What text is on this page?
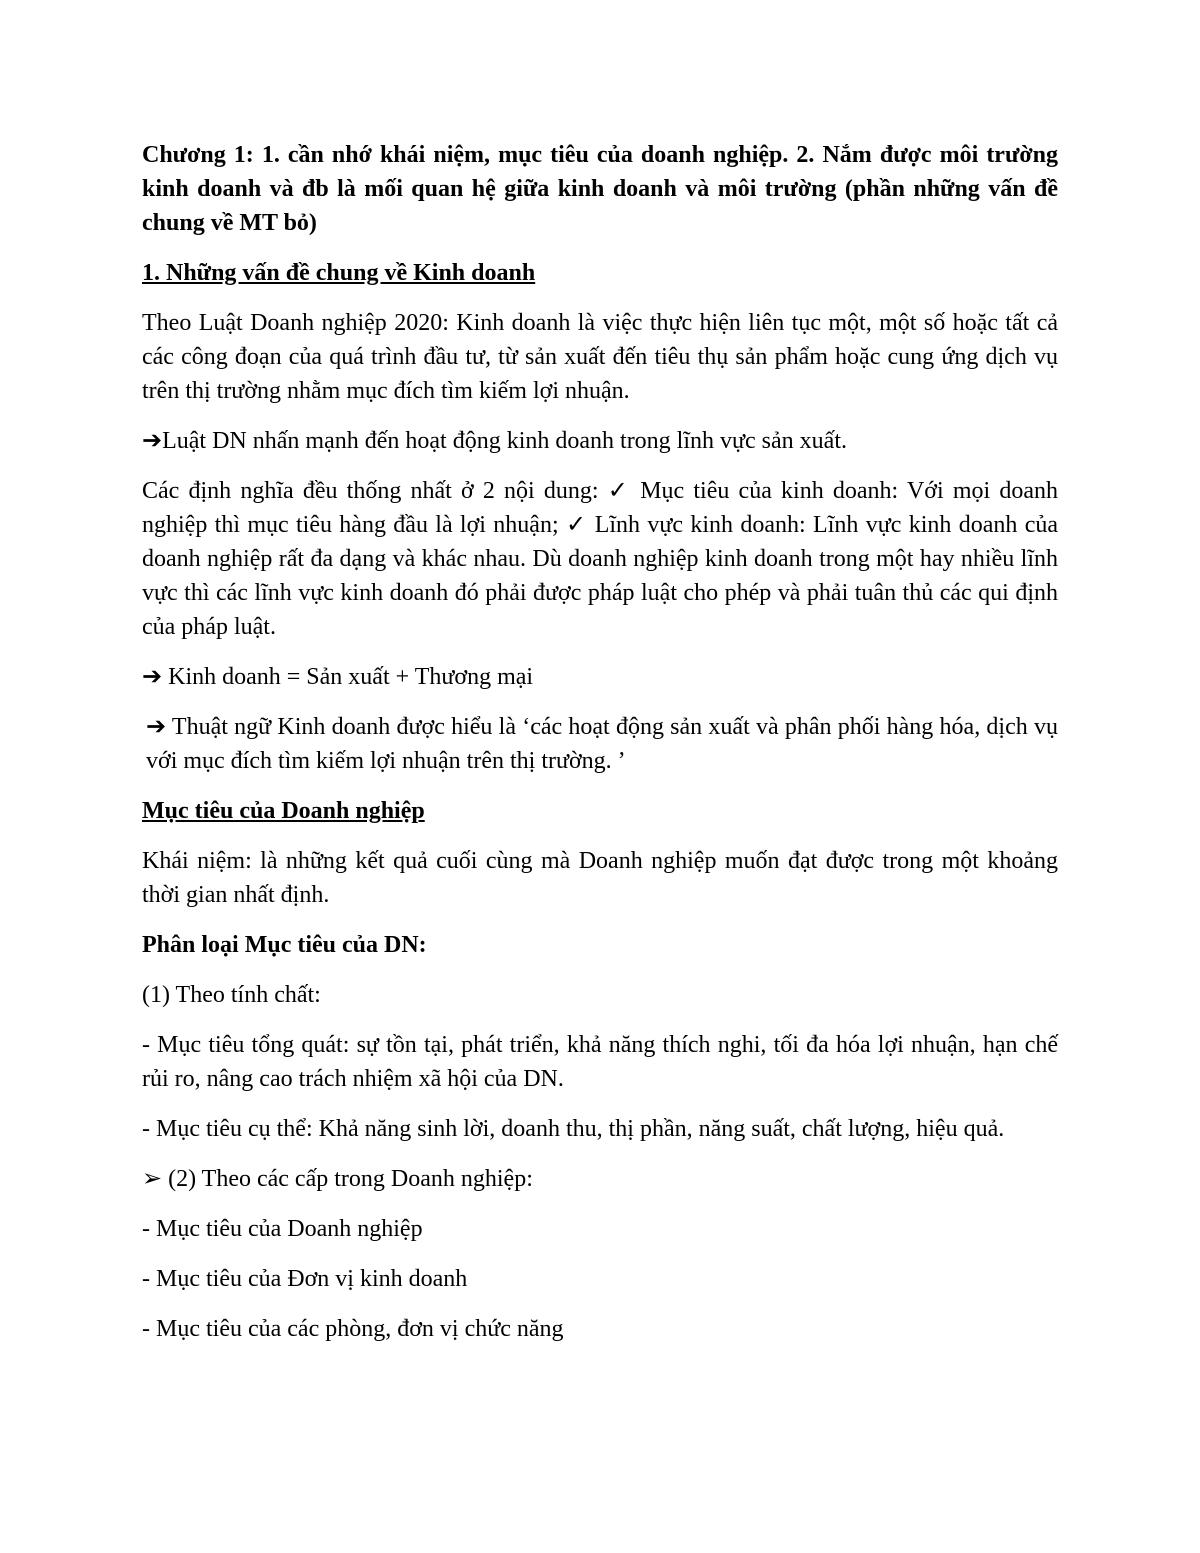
Chương 1: 1. cần nhớ khái niệm, mục tiêu của doanh nghiệp. 2. Nắm được môi trường kinh doanh và đb là mối quan hệ giữa kinh doanh và môi trường (phần những vấn đề chung về MT bỏ)

1. Những vấn đề chung về Kinh doanh

Theo Luật Doanh nghiệp 2020: Kinh doanh là việc thực hiện liên tục một, một số hoặc tất cả các công đoạn của quá trình đầu tư, từ sản xuất đến tiêu thụ sản phẩm hoặc cung ứng dịch vụ trên thị trường nhằm mục đích tìm kiếm lợi nhuận.

➔Luật DN nhấn mạnh đến hoạt động kinh doanh trong lĩnh vực sản xuất.

Các định nghĩa đều thống nhất ở 2 nội dung: ✓ Mục tiêu của kinh doanh: Với mọi doanh nghiệp thì mục tiêu hàng đầu là lợi nhuận; ✓ Lĩnh vực kinh doanh: Lĩnh vực kinh doanh của doanh nghiệp rất đa dạng và khác nhau. Dù doanh nghiệp kinh doanh trong một hay nhiều lĩnh vực thì các lĩnh vực kinh doanh đó phải được pháp luật cho phép và phải tuân thủ các qui định của pháp luật.

➔ Kinh doanh = Sản xuất + Thương mại

➔ Thuật ngữ Kinh doanh được hiểu là ‘các hoạt động sản xuất và phân phối hàng hóa, dịch vụ với mục đích tìm kiếm lợi nhuận trên thị trường. ’

Mục tiêu của Doanh nghiệp

Khái niệm: là những kết quả cuối cùng mà Doanh nghiệp muốn đạt được trong một khoảng thời gian nhất định.

Phân loại Mục tiêu của DN:

(1) Theo tính chất:

- Mục tiêu tổng quát: sự tồn tại, phát triển, khả năng thích nghi, tối đa hóa lợi nhuận, hạn chế rủi ro, nâng cao trách nhiệm xã hội của DN.

- Mục tiêu cụ thể: Khả năng sinh lời, doanh thu, thị phần, năng suất, chất lượng, hiệu quả.

➢ (2) Theo các cấp trong Doanh nghiệp:

- Mục tiêu của Doanh nghiệp

- Mục tiêu của Đơn vị kinh doanh

- Mục tiêu của các phòng, đơn vị chức năng
